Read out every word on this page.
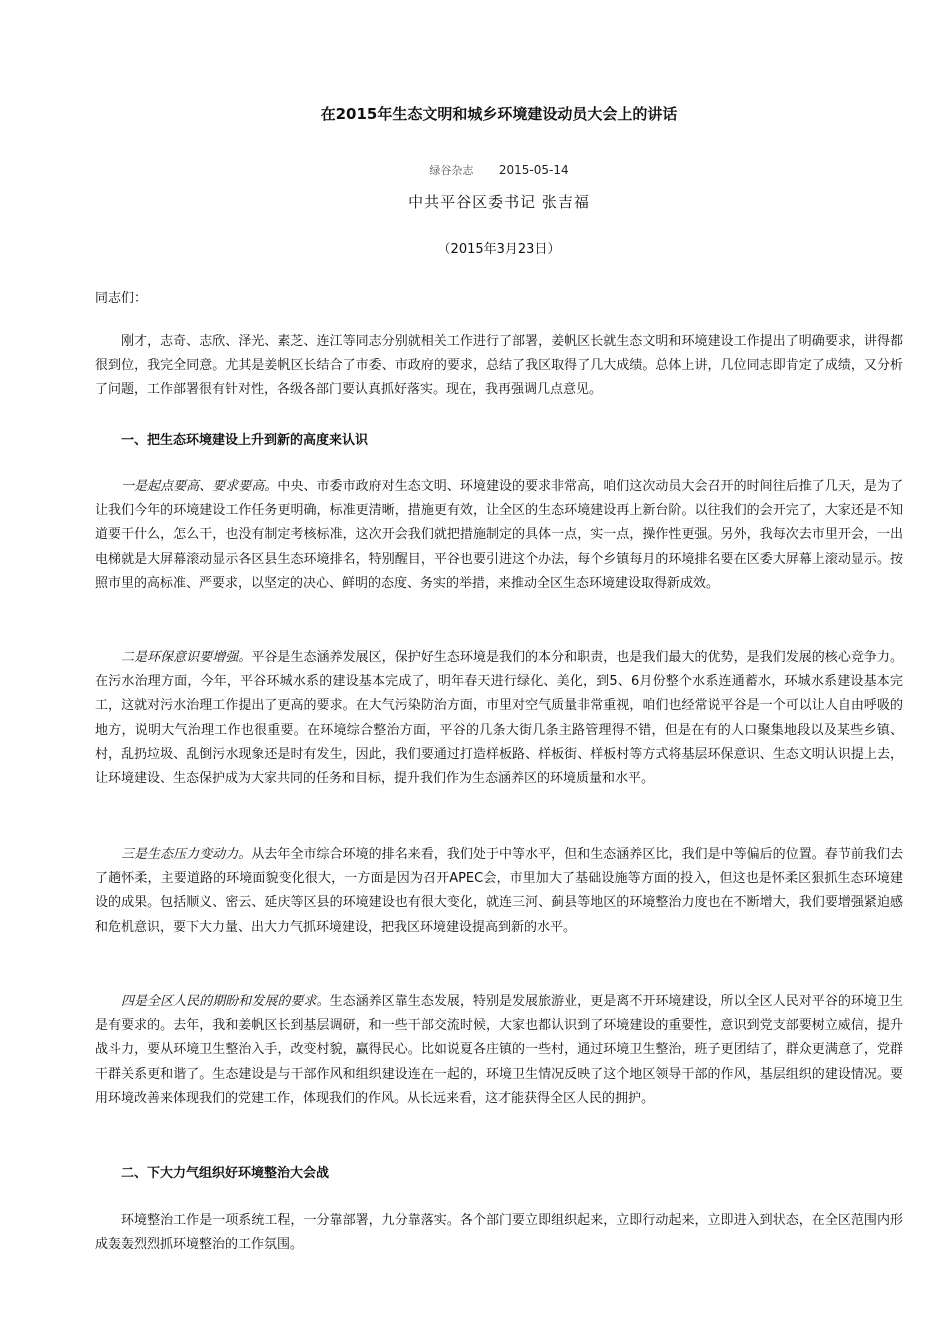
在2015年生态文明和城乡环境建设动员大会上的讲话
绿谷杂志 2015-05-14
中共平谷区委书记 张吉福
（2015年3月23日）
同志们：

刚才，志奇、志欣、泽光、素芝、连江等同志分别就相关工作进行了部署，姜帆区长就生态文明和环境建设工作提出了明确要求，讲得都很到位，我完全同意。尤其是姜帆区长结合了市委、市政府的要求，总结了我区取得了几大成绩。总体上讲，几位同志即肯定了成绩，又分析了问题，工作部署很有针对性，各级各部门要认真抓好落实。现在，我再强调几点意见。

一、把生态环境建设上升到新的高度来认识

一是起点要高、要求要高。中央、市委市政府对生态文明、环境建设的要求非常高，咱们这次动员大会召开的时间往后推了几天，是为了让我们今年的环境建设工作任务更明确，标准更清晰，措施更有效，让全区的生态环境建设再上新台阶。以往我们的会开完了，大家还是不知道要干什么，怎么干，也没有制定考核标准，这次开会我们就把措施制定的具体一点，实一点，操作性更强。另外，我每次去市里开会，一出电梯就是大屏幕滚动显示各区县生态环境排名，特别醒目，平谷也要引进这个办法，每个乡镇每月的环境排名要在区委大屏幕上滚动显示。按照市里的高标准、严要求，以坚定的决心、鲜明的态度、务实的举措，来推动全区生态环境建设取得新成效。

二是环保意识要增强。平谷是生态涵养发展区，保护好生态环境是我们的本分和职责，也是我们最大的优势，是我们发展的核心竞争力。在污水治理方面，今年，平谷环城水系的建设基本完成了，明年春天进行绿化、美化，到5、6月份整个水系连通蓄水，环城水系建设基本完工，这就对污水治理工作提出了更高的要求。在大气污染防治方面，市里对空气质量非常重视，咱们也经常说平谷是一个可以让人自由呼吸的地方，说明大气治理工作也很重要。在环境综合整治方面，平谷的几条大街几条主路管理得不错，但是在有的人口聚集地段以及某些乡镇、村，乱扔垃圾、乱倒污水现象还是时有发生，因此，我们要通过打造样板路、样板街、样板村等方式将基层环保意识、生态文明认识提上去，让环境建设、生态保护成为大家共同的任务和目标，提升我们作为生态涵养区的环境质量和水平。

三是生态压力变动力。从去年全市综合环境的排名来看，我们处于中等水平，但和生态涵养区比，我们是中等偏后的位置。春节前我们去了趟怀柔，主要道路的环境面貌变化很大，一方面是因为召开APEC会，市里加大了基础设施等方面的投入，但这也是怀柔区狠抓生态环境建设的成果。包括顺义、密云、延庆等区县的环境建设也有很大变化，就连三河、蓟县等地区的环境整治力度也在不断增大，我们要增强紧迫感和危机意识，要下大力量、出大力气抓环境建设，把我区环境建设提高到新的水平。

四是全区人民的期盼和发展的要求。生态涵养区靠生态发展，特别是发展旅游业，更是离不开环境建设，所以全区人民对平谷的环境卫生是有要求的。去年，我和姜帆区长到基层调研，和一些干部交流时候，大家也都认识到了环境建设的重要性，意识到党支部要树立威信，提升战斗力，要从环境卫生整治入手，改变村貌，赢得民心。比如说夏各庄镇的一些村，通过环境卫生整治，班子更团结了，群众更满意了，党群干群关系更和谐了。生态建设是与干部作风和组织建设连在一起的，环境卫生情况反映了这个地区领导干部的作风，基层组织的建设情况。要用环境改善来体现我们的党建工作，体现我们的作风。从长远来看，这才能获得全区人民的拥护。

二、下大力气组织好环境整治大会战

环境整治工作是一项系统工程，一分靠部署，九分靠落实。各个部门要立即组织起来，立即行动起来，立即进入到状态，在全区范围内形成轰轰烈烈抓环境整治的工作氛围。
